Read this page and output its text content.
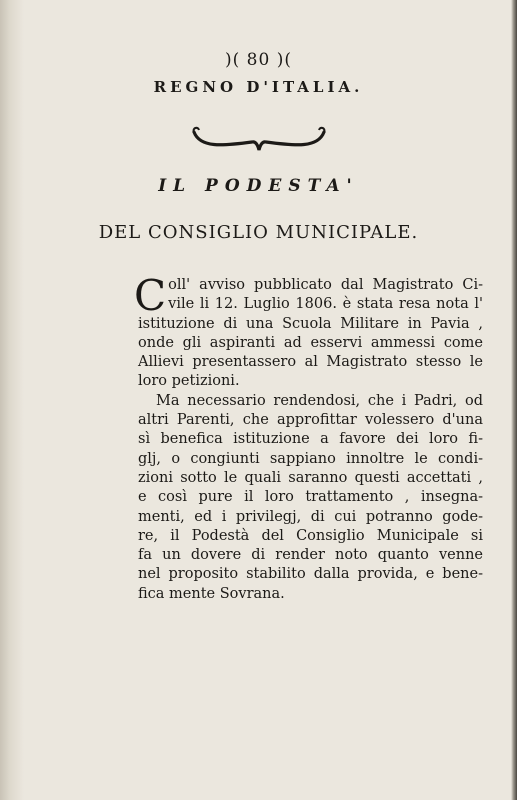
)( 80 )(
REGNO D'ITALIA.
IL PODESTA'
DEL CONSIGLIO MUNICIPALE.
C oll' avviso pubblicato dal Magistrato Ci-
vile li 12. Luglio 1806. è stata resa nota l'
istituzione di una Scuola Militare in Pavia ,
onde gli aspiranti ad esservi ammessi come
Allievi presentassero al Magistrato stesso le
loro petizioni.
Ma necessario rendendosi, che i Padri, od
altri Parenti, che approfittar volessero d'una
sì benefica istituzione a favore dei loro fi-
glj, o congiunti sappiano innoltre le condi-
zioni sotto le quali saranno questi accettati ,
e così pure il loro trattamento , insegna-
menti, ed i privilegj, di cui potranno gode-
re, il Podestà del Consiglio Municipale si
fa un dovere di render noto quanto venne
nel proposito stabilito dalla provida, e bene-
fica mente Sovrana.
